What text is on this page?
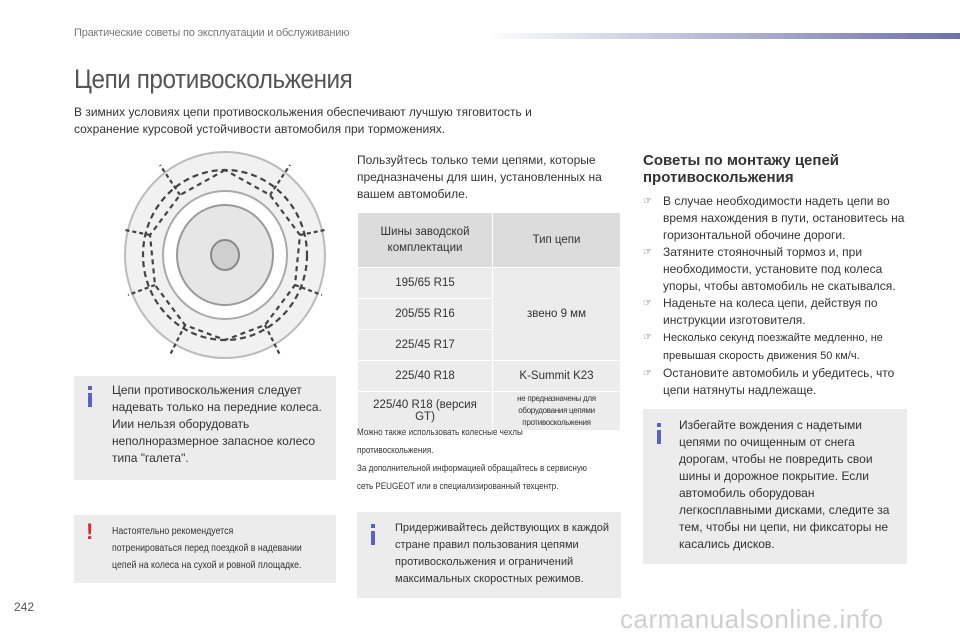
Практические советы по эксплуатации и обслуживанию
Цепи противоскольжения
В зимних условиях цепи противоскольжения обеспечивают лучшую тяговитость и сохранение курсовой устойчивости автомобиля при торможениях.
Пользуйтесь только теми цепями, которые предназначены для шин, установленных на вашем автомобиле.
Шины заводской комплектации	Тип цепи
195/65 R15	звено 9 мм
205/55 R16	
225/45 R17	
225/40 R18	K-Summit K23
225/40 R18 (версия GT)	не предназначены для оборудования цепями противоскольжения
Можно также использовать колесные чехлы
противоскольжения.
За дополнительной информацией обращайтесь в сервисную
сеть PEUGEOT или в специализированный техцентр.
Цепи противоскольжения следует надевать только на передние колеса. Иии нельзя оборудовать неполноразмерное запасное колесо типа "галета".
! Настоятельно рекомендуется
потренироваться перед поездкой в надевании
цепей на колеса на сухой и ровной площадке.
Придерживайтесь действующих в каждой стране правил пользования цепями противоскольжения и ограничений максимальных скоростных режимов.
Советы по монтажу цепей противоскольжения
☞ В случае необходимости надеть цепи во время нахождения в пути, остановитесь на горизонтальной обочине дороги.
☞ Затяните стояночный тормоз и, при необходимости, установите под колеса упоры, чтобы автомобиль не скатывался.
☞ Наденьте на колеса цепи, действуя по инструкции изготовителя.
☞ Несколько секунд поезжайте медленно, не превышая скорость движения 50 км/ч.
☞ Остановите автомобиль и убедитесь, что цепи натянуты надлежаще.
Избегайте вождения с надетыми цепями по очищенным от снега дорогам, чтобы не повредить свои шины и дорожное покрытие. Если автомобиль оборудован легкосплавными дисками, следите за тем, чтобы ни цепи, ни фиксаторы не касались дисков.
242	carmanualsonline.info
